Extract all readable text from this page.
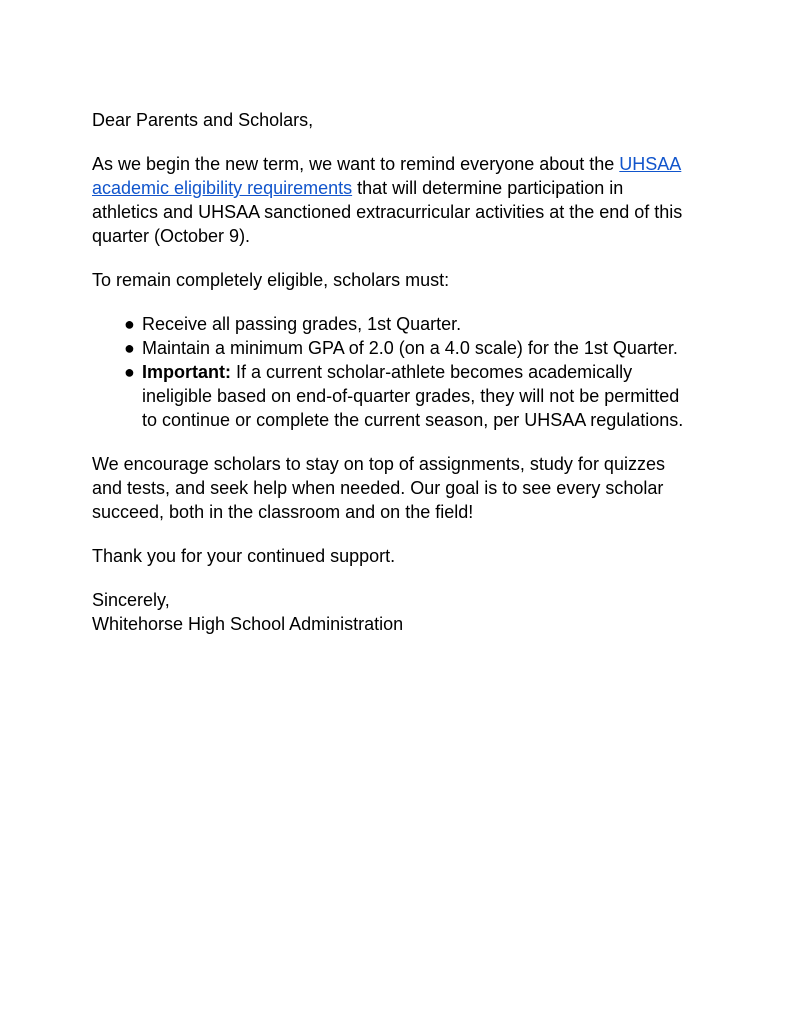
Dear Parents and Scholars,

As we begin the new term, we want to remind everyone about the UHSAA academic eligibility requirements that will determine participation in athletics and UHSAA sanctioned extracurricular activities at the end of this quarter (October 9).

To remain completely eligible, scholars must:

● Receive all passing grades, 1st Quarter.
● Maintain a minimum GPA of 2.0 (on a 4.0 scale) for the 1st Quarter.
● Important: If a current scholar-athlete becomes academically ineligible based on end-of-quarter grades, they will not be permitted to continue or complete the current season, per UHSAA regulations.

We encourage scholars to stay on top of assignments, study for quizzes and tests, and seek help when needed. Our goal is to see every scholar succeed, both in the classroom and on the field!

Thank you for your continued support.

Sincerely,

Whitehorse High School Administration
